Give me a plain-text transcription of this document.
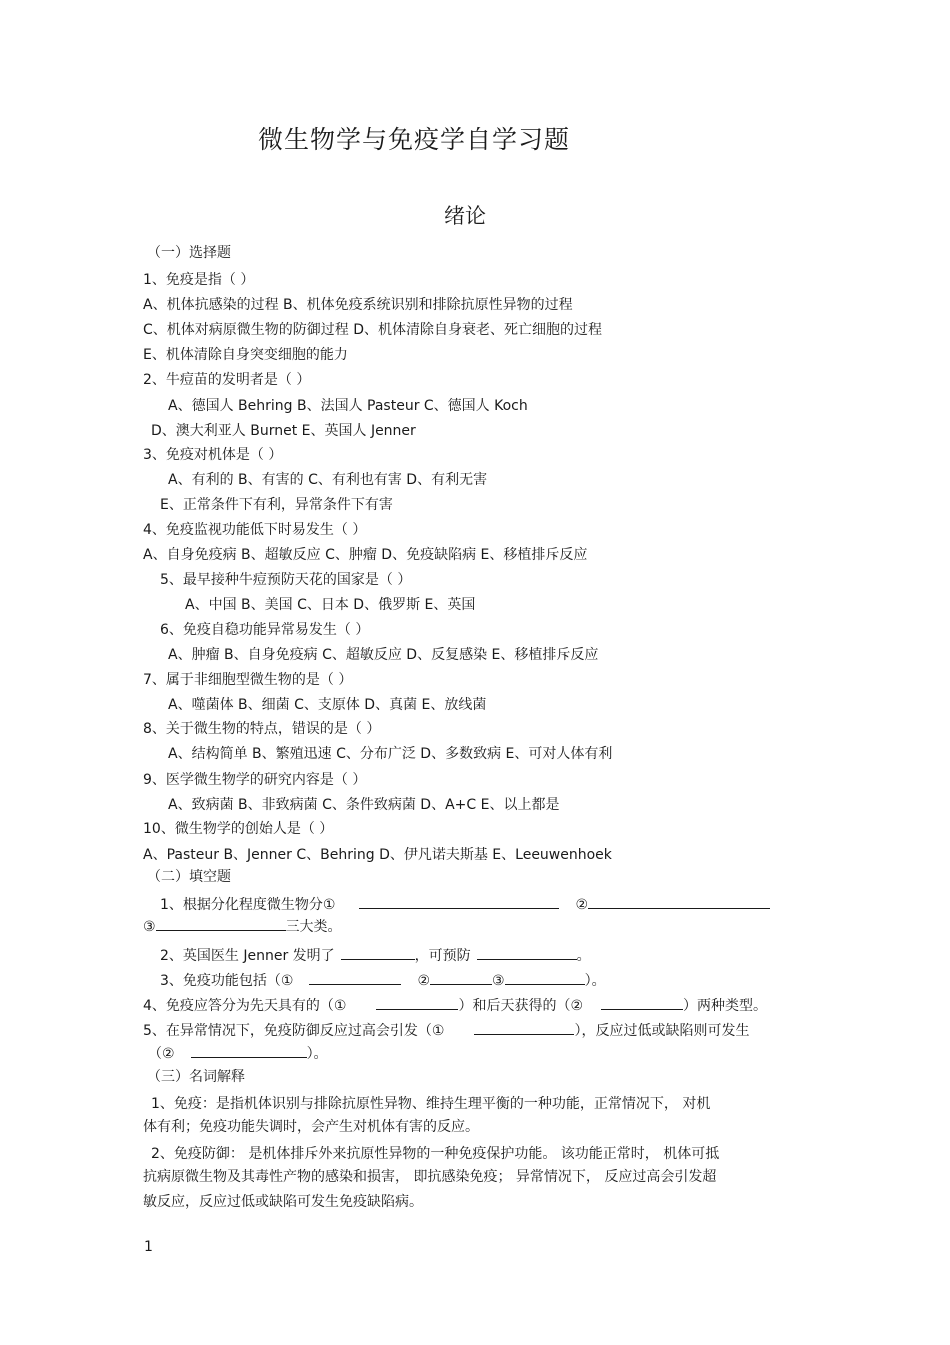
微生物学与免疫学自学习题
绪论
（一）选择题
1、免疫是指（ ）
A、机体抗感染的过程 B、机体免疫系统识别和排除抗原性异物的过程
C、机体对病原微生物的防御过程 D、机体清除自身衰老、死亡细胞的过程
E、机体清除自身突变细胞的能力
2、牛痘苗的发明者是（ ）
A、德国人 Behring B、法国人 Pasteur C、德国人 Koch
D、澳大利亚人 Burnet E、英国人 Jenner
3、免疫对机体是（ ）
A、有利的 B、有害的 C、有利也有害 D、有利无害
E、正常条件下有利，异常条件下有害
4、免疫监视功能低下时易发生（ ）
A、自身免疫病 B、超敏反应 C、肿瘤 D、免疫缺陷病 E、移植排斥反应
5、最早接种牛痘预防天花的国家是（ ）
A、中国 B、美国 C、日本 D、俄罗斯 E、英国
6、免疫自稳功能异常易发生（ ）
A、肿瘤 B、自身免疫病 C、超敏反应 D、反复感染 E、移植排斥反应
7、属于非细胞型微生物的是（ ）
A、噬菌体 B、细菌 C、支原体 D、真菌 E、放线菌
8、关于微生物的特点，错误的是（ ）
A、结构简单 B、繁殖迅速 C、分布广泛 D、多数致病 E、可对人体有利
9、医学微生物学的研究内容是（ ）
A、致病菌 B、非致病菌 C、条件致病菌 D、A+C E、以上都是
10、微生物学的创始人是（ ）
A、Pasteur B、Jenner C、Behring D、伊凡诺夫斯基 E、Leeuwenhoek
（二）填空题
1、根据分化程度微生物分①	②
③	三大类。
2、英国医生 Jenner 发明了	，可预防	。
3、免疫功能包括（①	②	③	）。
4、免疫应答分为先天具有的（①	）和后天获得的（②	）两种类型。
5、在异常情况下，免疫防御反应过高会引发（①	），反应过低或缺陷则可发生
（②	）。
（三）名词解释
1、免疫：是指机体识别与排除抗原性异物、维持生理平衡的一种功能，正常情况下， 对机
体有利；免疫功能失调时，会产生对机体有害的反应。
2、免疫防御： 是机体排斥外来抗原性异物的一种免疫保护功能。 该功能正常时， 机体可抵
抗病原微生物及其毒性产物的感染和损害， 即抗感染免疫； 异常情况下， 反应过高会引发超
敏反应，反应过低或缺陷可发生免疫缺陷病。
1
